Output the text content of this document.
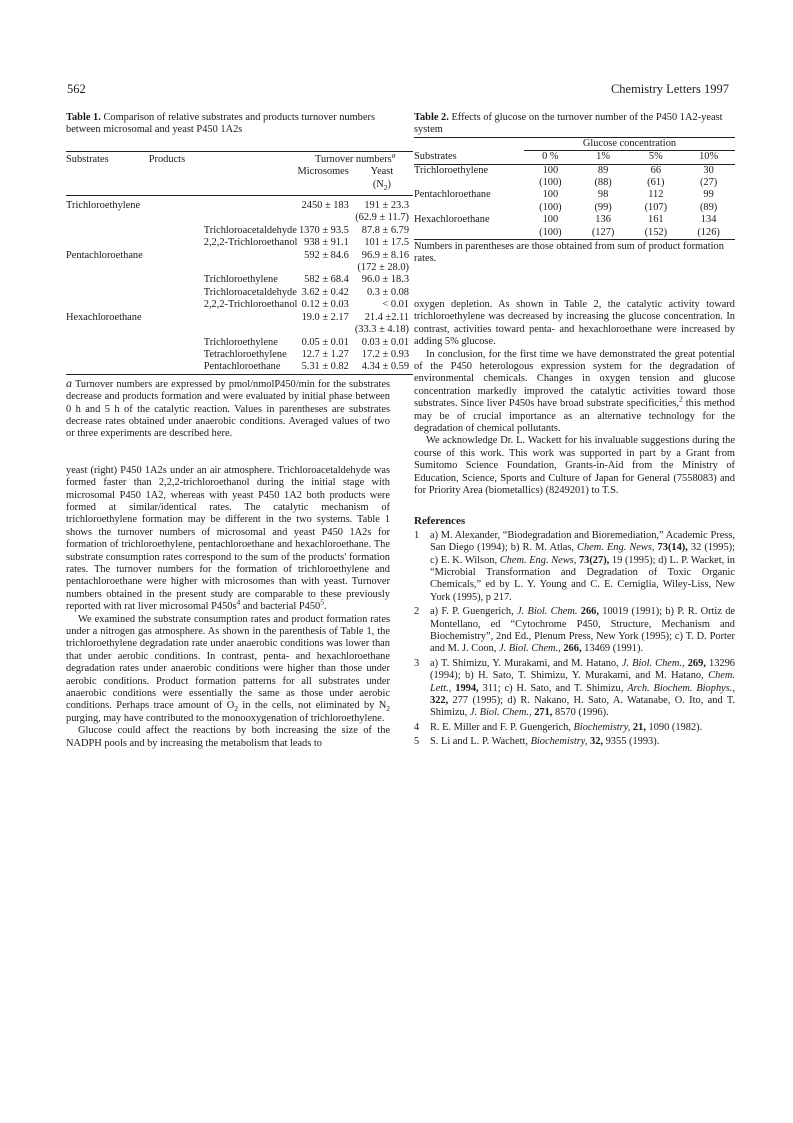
562	Chemistry Letters 1997
Table 1. Comparison of relative substrates and products turnover numbers between microsomal and yeast P450 1A2s
Substrates	Products	Turnover numbers$^a$
		Microsomes	Yeast
			$(N_2)$
Trichloroethylene		2450 ± 183	191 ± 23.3
			(62.9 ± 11.7)
	Trichloroacetaldehyde	1370 ± 93.5	87.8 ± 6.79
	2,2,2-Trichloroethanol	938 ± 91.1	101 ± 17.5
Pentachloroethane		592 ± 84.6	96.9 ± 8.16
			(172 ± 28.0)
	Trichloroethylene	582 ± 68.4	96.0 ± 18.3
	Trichloroacetaldehyde	3.62 ± 0.42	0.3 ± 0.08
	2,2,2-Trichloroethanol	0.12 ± 0.03	< 0.01
Hexachloroethane		19.0 ± 2.17	21.4 ±2.11
			(33.3 ± 4.18)
	Trichloroethylene	0.05 ± 0.01	0.03 ± 0.01
	Tetrachloroethylene	12.7 ± 1.27	17.2 ± 0.93
	Pentachloroethane	5.31 ± 0.82	4.34 ± 0.59
a Turnover numbers are expressed by pmol/nmolP450/min for the substrates decrease and products formation and were evaluated by initial phase between 0 h and 5 h of the catalytic reaction. Values in parentheses are substrates decrease rates obtained under anaerobic conditions. Averaged values of two or three experiments are described here.

yeast (right) P450 1A2s under an air atmosphere. Trichloroacetaldehyde was formed faster than 2,2,2-trichloroethanol during the initial stage with microsomal P450 1A2, whereas with yeast P450 1A2 both products were formed at similar/identical rates. The catalytic mechanism of trichloroethylene formation may be different in the two systems. Table 1 shows the turnover numbers of microsomal and yeast P450 1A2s for formation of trichloroethylene, pentachloroethane and hexachloroethane. The substrate consumption rates correspond to the sum of the products' formation rates. The turnover numbers for the formation of trichloroethylene and pentachloroethane were higher with microsomes than with yeast. Turnover numbers obtained in the present study are comparable to these previously reported with rat liver microsomal $P450s^4$ and bacterial $P450^5$.

We examined the substrate consumption rates and product formation rates under a nitrogen gas atmosphere. As shown in the parenthesis of Table 1, the trichloroethylene degradation rate under anaerobic conditions was lower than that under aerobic conditions. In contrast, penta- and hexachloroethane degradation rates under anaerobic conditions were higher than those under aerobic conditions. Product formation patterns for all substrates under anaerobic conditions were essentially the same as those under aerobic conditions. Perhaps trace amount of $O_2$ in the cells, not eliminated by $N_2$ purging, may have contributed to the monooxygenation of trichloroethylene.

Glucose could affect the reactions by both increasing the size of the NADPH pools and by increasing the metabolism that leads to

Table 2. Effects of glucose on the turnover number of the P450 1A2-yeast system
	Glucose concentration			
Substrates	0 %	1%	5%	10%
Trichloroethylene	100	89	66	30
	(100)	(88)	(61)	(27)
Pentachloroethane	100	98	112	99
	(100)	(99)	(107)	(89)
Hexachloroethane	100	136	161	134
	(100)	(127)	(152)	(126)
Numbers in parentheses are those obtained from sum of product formation rates.

oxygen depletion. As shown in Table 2, the catalytic activity toward trichloroethylene was decreased by increasing the glucose concentration. In contrast, activities toward penta- and hexachloroethane were increased by adding 5% glucose.

In conclusion, for the first time we have demonstrated the great potential of the P450 heterologous expression system for the degradation of environmental chemicals. Changes in oxygen tension and glucose concentration markedly improved the catalytic activities toward those substrates. Since liver P450s have broad substrate specificities,$^2$ this method may be of crucial importance as an alternative technology for the degradation of chemical pollutants.

We acknowledge Dr. L. Wackett for his invaluable suggestions during the course of this work. This work was supported in part by a Grant from Sumitomo Science Foundation, Grants-in-Aid from the Ministry of Education, Science, Sports and Culture of Japan for General (7558083) and for Priority Area (biometallics) (8249201) to T.S.

References
1	a) M. Alexander, “Biodegradation and Bioremediation,” Academic Press, San Diego (1994); b) R. M. Atlas, Chem. Eng. News, 73(14), 32 (1995); c) E. K. Wilson, Chem. Eng. News, 73(27), 19 (1995); d) L. P. Wacket, in “Microbial Transformation and Degradation of Toxic Organic Chemicals,” ed by L. Y. Young and C. E. Cerniglia, Wiley-Liss, New York (1995), p 217.
2	a) F. P. Guengerich, J. Biol. Chem. 266, 10019 (1991); b) P. R. Ortiz de Montellano, ed “Cytochrome P450, Structure, Mechanism and Biochemistry”, 2nd Ed., Plenum Press, New York (1995); c) T. D. Porter and M. J. Coon, J. Biol. Chem., 266, 13469 (1991).
3	a) T. Shimizu, Y. Murakami, and M. Hatano, J. Biol. Chem., 269, 13296 (1994); b) H. Sato, T. Shimizu, Y. Murakami, and M. Hatano, Chem. Lett., 1994, 311; c) H. Sato, and T. Shimizu, Arch. Biochem. Biophys., 322, 277 (1995); d) R. Nakano, H. Sato, A. Watanabe, O. Ito, and T. Shimizu, J. Biol. Chem., 271, 8570 (1996).
4	R. E. Miller and F. P. Guengerich, Biochemistry, 21, 1090 (1982).
5	S. Li and L. P. Wachett, Biochemistry, 32, 9355 (1993).
